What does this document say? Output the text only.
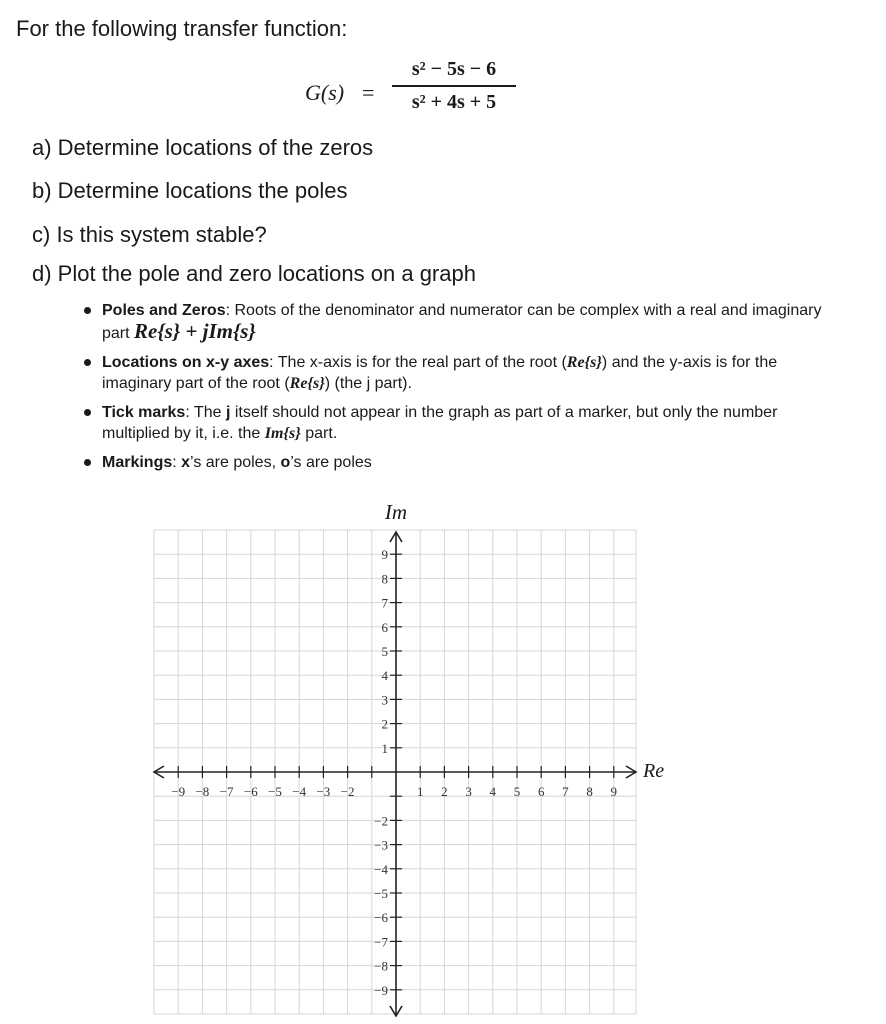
For the following transfer function:
G(s) =
s² − 5s − 6
s² + 4s + 5
a) Determine locations of the zeros
b) Determine locations the poles
c) Is this system stable?
d) Plot the pole and zero locations on a graph
Poles and Zeros: Roots of the denominator and numerator can be complex with a real and imaginary part Re{s} + jIm{s}
Locations on x-y axes: The x-axis is for the real part of the root (Re{s}) and the y-axis is for the imaginary part of the root (Re{s}) (the j part).
Tick marks: The j itself should not appear in the graph as part of a marker, but only the number multiplied by it, i.e. the Im{s} part.
Markings: x’s are poles, o’s are poles
−9 −8 −7 −6 −5 −4 −3 −2	1 2 3 4 5 6 7 8 9
9
8
7
6
5
4
3
2
1
−2
−3
−4
−5
−6
−7
−8
−9
Im
Re
